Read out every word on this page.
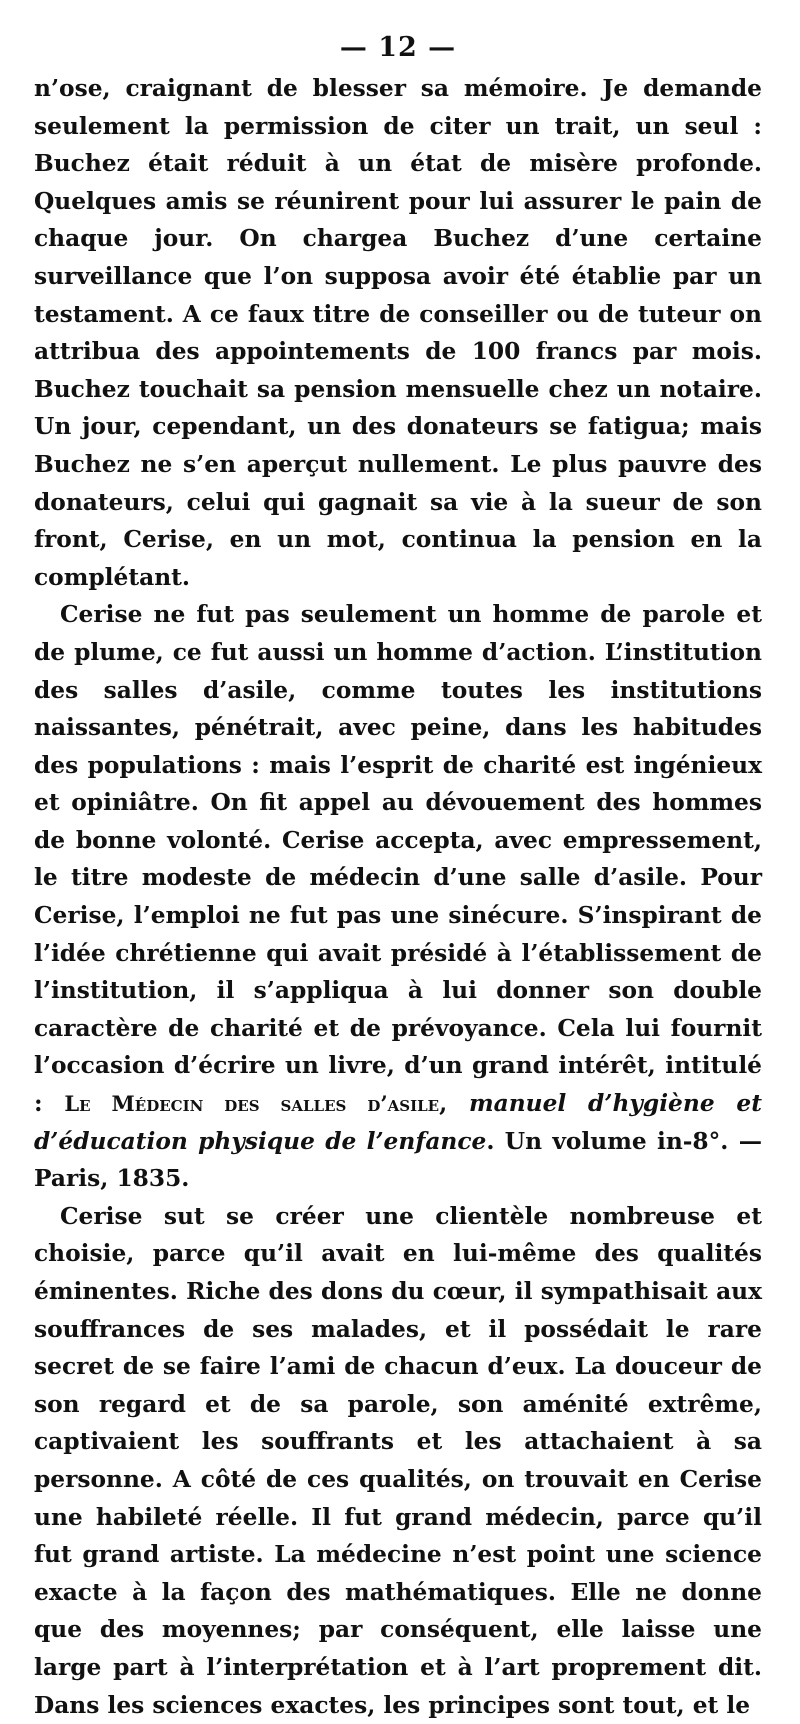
— 12 —

n’ose, craignant de blesser sa mémoire. Je demande seulement la permission de citer un trait, un seul : Buchez était réduit à un état de misère profonde. Quelques amis se réunirent pour lui assurer le pain de chaque jour. On chargea Buchez d’une certaine surveillance que l’on supposa avoir été établie par un testament. A ce faux titre de conseiller ou de tuteur on attribua des appointements de 100 francs par mois. Buchez touchait sa pension mensuelle chez un notaire. Un jour, cependant, un des donateurs se fatigua; mais Buchez ne s’en aperçut nullement. Le plus pauvre des donateurs, celui qui gagnait sa vie à la sueur de son front, Cerise, en un mot, continua la pension en la complétant.

Cerise ne fut pas seulement un homme de parole et de plume, ce fut aussi un homme d’action. L’institution des salles d’asile, comme toutes les institutions naissantes, pénétrait, avec peine, dans les habitudes des populations : mais l’esprit de charité est ingénieux et opiniâtre. On fit appel au dévouement des hommes de bonne volonté. Cerise accepta, avec empressement, le titre modeste de médecin d’une salle d’asile. Pour Cerise, l’emploi ne fut pas une sinécure. S’inspirant de l’idée chrétienne qui avait présidé à l’établissement de l’institution, il s’appliqua à lui donner son double caractère de charité et de prévoyance. Cela lui fournit l’occasion d’écrire un livre, d’un grand intérêt, intitulé : Le Médecin des salles d’asile, manuel d’hygiène et d’éducation physique de l’enfance. Un volume in-8°. — Paris, 1835.

Cerise sut se créer une clientèle nombreuse et choisie, parce qu’il avait en lui-même des qualités éminentes. Riche des dons du cœur, il sympathisait aux souffrances de ses malades, et il possédait le rare secret de se faire l’ami de chacun d’eux. La douceur de son regard et de sa parole, son aménité extrême, captivaient les souffrants et les attachaient à sa personne. A côté de ces qualités, on trouvait en Cerise une habileté réelle. Il fut grand médecin, parce qu’il fut grand artiste. La médecine n’est point une science exacte à la façon des mathématiques. Elle ne donne que des moyennes; par conséquent, elle laisse une large part à l’interprétation et à l’art proprement dit. Dans les sciences exactes, les principes sont tout, et le
